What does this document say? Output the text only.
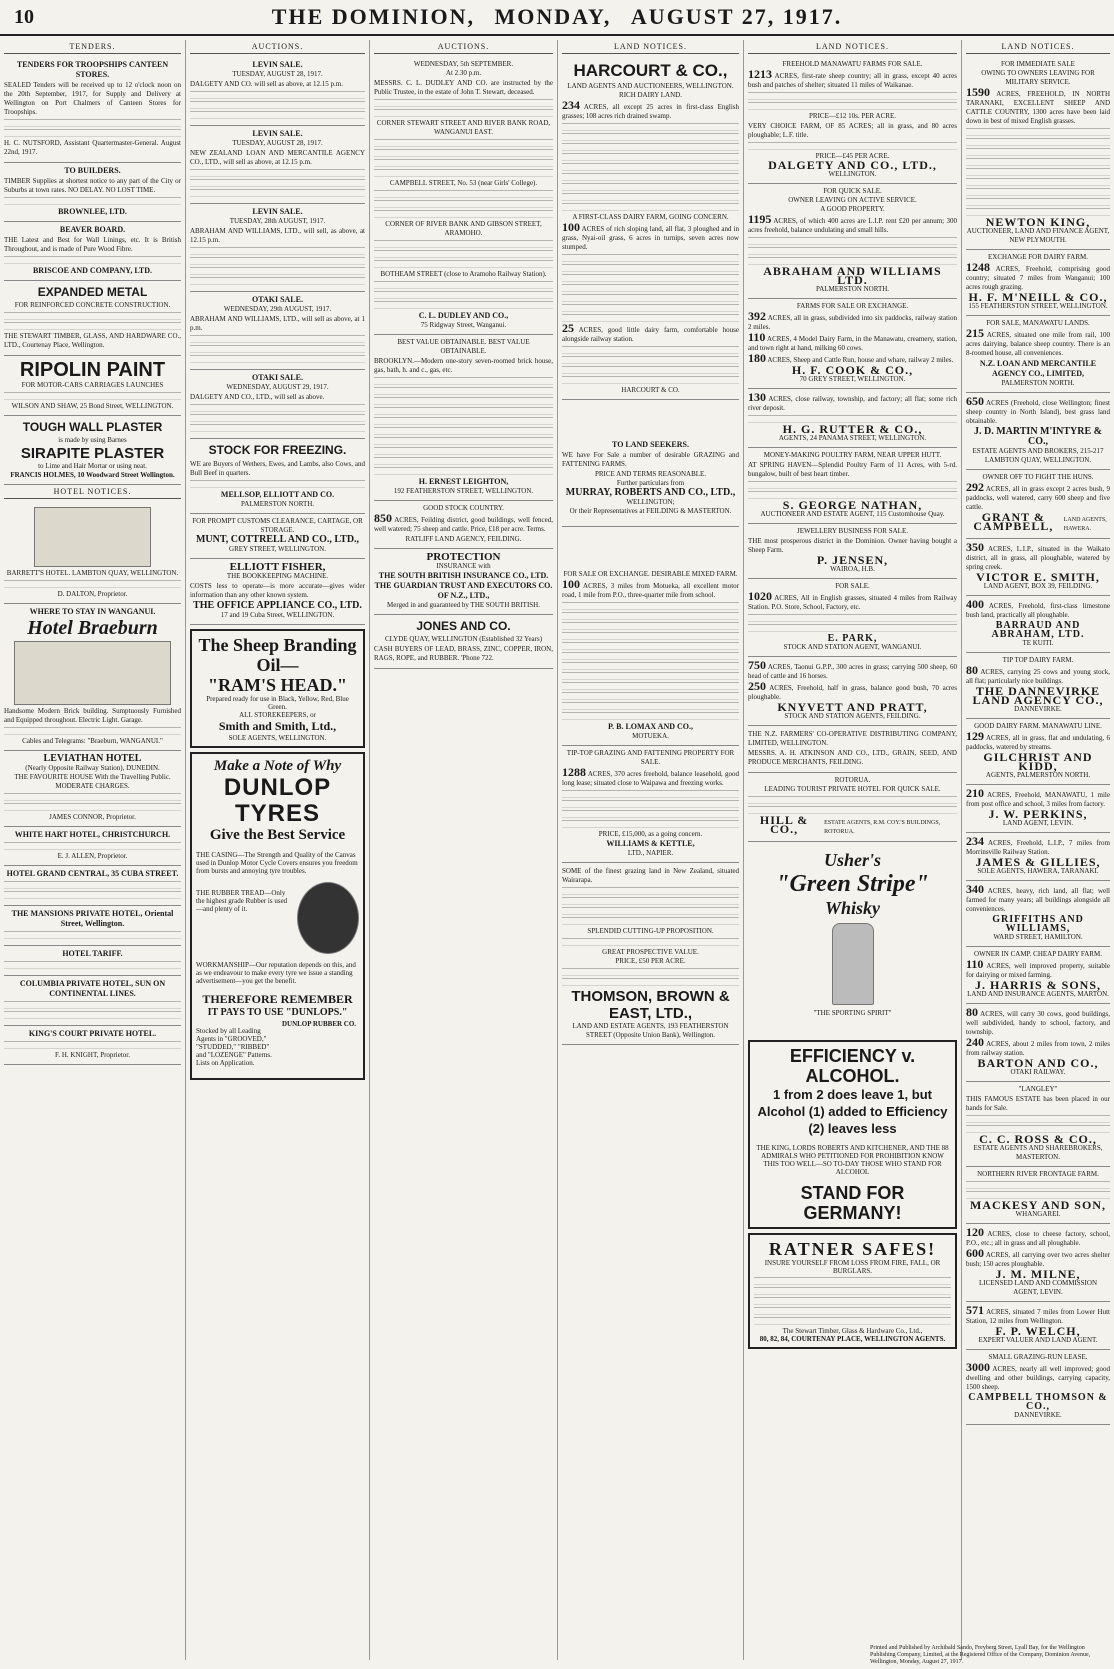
10	THE DOMINION, MONDAY, AUGUST 27, 1917.
TENDERS.
TENDERS FOR TROOPSHIPS CANTEEN STORES.

SEALED Tenders will be received up to 12 o'clock noon on the 20th September, 1917, for Supply and Delivery at Wellington on Port Chalmers of Canteen Stores for Troopships.

H. C. NUTSFORD, Assistant Quartermaster-General. August 22nd, 1917.

TO BUILDERS.

TIMBER Supplies at shortest notice to any part of the City or Suburbs at town rates. NO DELAY. NO LOST TIME.

BROWNLEE, LTD.
BEAVER BOARD.

THE Latest and Best for Wall Linings, etc. It is British Throughout, and is made of Pure Wood Fibre.

BRISCOE AND COMPANY, LTD.
EXPANDED METAL
FOR REINFORCED CONCRETE CONSTRUCTION.

THE STEWART TIMBER, GLASS, AND HARDWARE CO., LTD., Courtenay Place, Wellington.

RIPOLIN PAINT
FOR MOTOR-CARS CARRIAGES LAUNCHES
WILSON AND SHAW, 25 Bond Street, WELLINGTON.
TOUGH WALL PLASTER
is made by using Barnes
SIRAPITE PLASTER
to Lime and Hair Mortar or using neat.
FRANCIS HOLMES, 10 Woodward Street Wellington.
HOTEL NOTICES.
BARRETT'S HOTEL. LAMBTON QUAY, WELLINGTON.
D. DALTON, Proprietor.
WHERE TO STAY IN WANGANUI.
Hotel Braeburn

Handsome Modern Brick building. Sumptuously Furnished and Equipped throughout. Electric Light. Garage.

Cables and Telegrams: "Braeburn, WANGANUI."
LEVIATHAN HOTEL
(Nearly Opposite Railway Station), DUNEDIN.
THE FAVOURITE HOUSE With the Travelling Public. MODERATE CHARGES.
JAMES CONNOR, Proprietor.
WHITE HART HOTEL, CHRISTCHURCH.
E. J. ALLEN, Proprietor.
HOTEL GRAND CENTRAL, 35 CUBA STREET.
THE MANSIONS PRIVATE HOTEL, Oriental Street, Wellington.
HOTEL TARIFF.
COLUMBIA PRIVATE HOTEL, SUN ON CONTINENTAL LINES.
KING'S COURT PRIVATE HOTEL.
F. H. KNIGHT, Proprietor.
AUCTIONS.
LEVIN SALE.
TUESDAY, AUGUST 28, 1917.

DALGETY AND CO. will sell as above, at 12.15 p.m.

LEVIN SALE.
TUESDAY, AUGUST 28, 1917.

NEW ZEALAND LOAN AND MERCANTILE AGENCY CO., LTD., will sell as above, at 12.15 p.m.

LEVIN SALE.
TUESDAY, 28th AUGUST, 1917.

ABRAHAM AND WILLIAMS, LTD., will sell, as above, at 12.15 p.m.

OTAKI SALE.
WEDNESDAY, 29th AUGUST, 1917.

ABRAHAM AND WILLIAMS, LTD., will sell as above, at 1 p.m.

OTAKI SALE.
WEDNESDAY, AUGUST 29, 1917.

DALGETY AND CO., LTD., will sell as above.

STOCK FOR FREEZING.

WE are Buyers of Wethers, Ewes, and Lambs, also Cows, and Bull Beef in quarters.

MELLSOP, ELLIOTT AND CO.
PALMERSTON NORTH.
FOR PROMPT CUSTOMS CLEARANCE, CARTAGE, OR STORAGE.
MUNT, COTTRELL AND CO., LTD.,
GREY STREET, WELLINGTON.
ELLIOTT FISHER,
THE BOOKKEEPING MACHINE.

COSTS less to operate—is more accurate—gives wider information than any other known system.

THE OFFICE APPLIANCE CO., LTD.
17 and 19 Cuba Street, WELLINGTON.
The Sheep Branding Oil—
"RAM'S HEAD."
Prepared ready for use in Black, Yellow, Red, Blue Green.
ALL STOREKEEPERS, or
Smith and Smith, Ltd.,
SOLE AGENTS, WELLINGTON.
Make a Note of Why
DUNLOP TYRES
Give the Best Service

THE CASING—The Strength and Quality of the Canvas used in Dunlop Motor Cycle Covers ensures you freedom from bursts and annoying tyre troubles.

THE RUBBER TREAD—Only the highest grade Rubber is used—and plenty of it.

WORKMANSHIP—Our reputation depends on this, and as we endeavour to make every tyre we issue a standing advertisement—you get the benefit.

THEREFORE REMEMBER
IT PAYS TO USE "DUNLOPS."

Stocked by all Leading Agents in "GROOVED," "STUDDED," "RIBBED" and "LOZENGE" Patterns. Lists on Application.

DUNLOP RUBBER CO.
AUCTIONS.
WEDNESDAY, 5th SEPTEMBER.
At 2.30 p.m.

MESSRS. C. L. DUDLEY AND CO. are instructed by the Public Trustee, in the estate of John T. Stewart, deceased.

CORNER STEWART STREET AND RIVER BANK ROAD, WANGANUI EAST.
CAMPBELL STREET, No. 53 (near Girls' College).
CORNER OF RIVER BANK AND GIBSON STREET, ARAMOHO.
BOTHEAM STREET (close to Aramoho Railway Station).
C. L. DUDLEY AND CO.,
75 Ridgway Street, Wanganui.
BEST VALUE OBTAINABLE. BEST VALUE OBTAINABLE.

BROOKLYN.—Modern one-story seven-roomed brick house, gas, bath, h. and c., gas, etc.

H. ERNEST LEIGHTON,
192 FEATHERSTON STREET, WELLINGTON.
GOOD STOCK COUNTRY.

850 ACRES, Feilding district, good buildings, well fenced, well watered; 75 sheep and cattle. Price, £18 per acre. Terms.

RATLIFF LAND AGENCY, FEILDING.
PROTECTION
INSURANCE with
THE SOUTH BRITISH INSURANCE CO., LTD.
THE GUARDIAN TRUST AND EXECUTORS CO. OF N.Z., LTD.,
Merged in and guaranteed by THE SOUTH BRITISH.
JONES AND CO.
CLYDE QUAY, WELLINGTON (Established 32 Years)

CASH BUYERS OF LEAD, BRASS, ZINC, COPPER, IRON, RAGS, ROPE, and RUBBER. 'Phone 722.

LAND NOTICES.
HARCOURT & CO.,
LAND AGENTS AND AUCTIONEERS, WELLINGTON.
RICH DAIRY LAND.

234 ACRES, all except 25 acres in first-class English grasses; 108 acres rich drained swamp.

A FIRST-CLASS DAIRY FARM, GOING CONCERN.

100 ACRES of rich sloping land, all flat, 3 ploughed and in grass, Nyai-oil grass, 6 acres in turnips, seven acres now stumped.

25 ACRES, good little dairy farm, comfortable house alongside railway station.

HARCOURT & CO.
TO LAND SEEKERS.

WE have For Sale a number of desirable GRAZING and FATTENING FARMS.

PRICE AND TERMS REASONABLE.
Further particulars from
MURRAY, ROBERTS AND CO., LTD.,
WELLINGTON;
Or their Representatives at FEILDING & MASTERTON.
FOR SALE OR EXCHANGE. DESIRABLE MIXED FARM.

100 ACRES, 3 miles from Motueka, all excellent motor road, 1 mile from P.O., three-quarter mile from school.

P. B. LOMAX AND CO.,
MOTUEKA.
TIP-TOP GRAZING AND FATTENING PROPERTY FOR SALE.

1288 ACRES, 370 acres freehold, balance leasehold, good long lease; situated close to Waipawa and freezing works.

PRICE, £15,000, as a going concern.
WILLIAMS & KETTLE,
LTD., NAPIER.

SOME of the finest grazing land in New Zealand, situated Wairarapa.

SPLENDID CUTTING-UP PROPOSITION.
GREAT PROSPECTIVE VALUE.
PRICE, £50 PER ACRE.
THOMSON, BROWN & EAST, LTD.,
LAND AND ESTATE AGENTS, 193 FEATHERSTON STREET (Opposite Union Bank), Wellington.
LAND NOTICES.
FREEHOLD MANAWATU FARMS FOR SALE.

1213 ACRES, first-rate sheep country; all in grass, except 40 acres bush and patches of shelter; situated 11 miles of Waikanae.

PRICE—£12 10s. PER ACRE.

VERY CHOICE FARM, OF 85 ACRES; all in grass, and 80 acres ploughable; L.F. title.

PRICE—£45 PER ACRE.
DALGETY AND CO., LTD.,
WELLINGTON.
FOR QUICK SALE.
OWNER LEAVING ON ACTIVE SERVICE.
A GOOD PROPERTY.

1195 ACRES, of which 400 acres are L.I.P. rent £20 per annum; 300 acres freehold, balance undulating and small hills.

ABRAHAM AND WILLIAMS LTD.
PALMERSTON NORTH.
FARMS FOR SALE OR EXCHANGE.

392 ACRES, all in grass, subdivided into six paddocks, railway station 2 miles.

110 ACRES, 4 Model Dairy Farm, in the Manawatu, creamery, station, and town right at hand, milking 60 cows.

180 ACRES, Sheep and Cattle Run, house and whare, railway 2 miles.

H. F. COOK & CO.,
70 GREY STREET, WELLINGTON.

130 ACRES, close railway, township, and factory; all flat; some rich river deposit.

H. G. RUTTER & CO.,
AGENTS, 24 PANAMA STREET, WELLINGTON.
MONEY-MAKING POULTRY FARM, NEAR UPPER HUTT.

AT SPRING HAVEN—Splendid Poultry Farm of 11 Acres, with 5-rd. bungalow, built of best heart timber.

S. GEORGE NATHAN,
AUCTIONEER AND ESTATE AGENT, 115 Customhouse Quay.
JEWELLERY BUSINESS FOR SALE.

THE most prosperous district in the Dominion. Owner having bought a Sheep Farm.

P. JENSEN,
WAIROA, H.B.
FOR SALE.

1020 ACRES, All in English grasses, situated 4 miles from Railway Station. P.O. Store, School, Factory, etc.

E. PARK,
STOCK AND STATION AGENT, WANGANUI.

750 ACRES, Taonui G.P.P., 300 acres in grass; carrying 500 sheep, 60 head of cattle and 16 horses.

250 ACRES, Freehold, half in grass, balance good bush, 70 acres ploughable.

KNYVETT AND PRATT,
STOCK AND STATION AGENTS, FEILDING.

THE N.Z. FARMERS' CO-OPERATIVE DISTRIBUTING COMPANY, LIMITED, WELLINGTON.

MESSRS. A. H. ATKINSON AND CO., LTD., GRAIN, SEED, AND PRODUCE MERCHANTS, FEILDING.

ROTORUA.
LEADING TOURIST PRIVATE HOTEL FOR QUICK SALE.
HILL & CO.,	ESTATE AGENTS, R.M. COY.'S BUILDINGS, ROTORUA.
Usher's
"Green Stripe"
Whisky
"THE SPORTING SPIRIT"
EFFICIENCY v. ALCOHOL.
1 from 2 does leave 1, but Alcohol (1) added to Efficiency (2) leaves less

THE KING, LORDS ROBERTS AND KITCHENER, AND THE 88 ADMIRALS WHO PETITIONED FOR PROHIBITION KNOW THIS TOO WELL—SO TO-DAY THOSE WHO STAND FOR ALCOHOL

STAND FOR GERMANY!
RATNER SAFES!
INSURE YOURSELF FROM LOSS FROM FIRE, FALL, OR BURGLARS.
The Stewart Timber, Glass & Hardware Co., Ltd.,
80, 82, 84, COURTENAY PLACE, WELLINGTON AGENTS.
LAND NOTICES.
FOR IMMEDIATE SALE
OWING TO OWNERS LEAVING FOR MILITARY SERVICE.

1590 ACRES, FREEHOLD, IN NORTH TARANAKI, EXCELLENT SHEEP AND CATTLE COUNTRY, 1300 acres have been laid down in best of mixed English grasses.

NEWTON KING,
AUCTIONEER, LAND AND FINANCE AGENT, NEW PLYMOUTH.
EXCHANGE FOR DAIRY FARM.

1248 ACRES, Freehold, comprising good country; situated 7 miles from Wanganui; 100 acres rough grazing.

H. F. M'NEILL & CO.,
155 FEATHERSTON STREET, WELLINGTON.
FOR SALE, MANAWATU LANDS.

215 ACRES, situated one mile from rail, 100 acres dairying, balance sheep country. There is an 8-roomed house, all conveniences.

N.Z. LOAN AND MERCANTILE AGENCY CO., LIMITED,
PALMERSTON NORTH.

650 ACRES (Freehold, close Wellington; finest sheep country in North Island), best grass land obtainable.

J. D. MARTIN M'INTYRE & CO.,
ESTATE AGENTS AND BROKERS, 215-217 LAMBTON QUAY, WELLINGTON.
OWNER OFF TO FIGHT THE HUNS.

292 ACRES, all in grass except 2 acres bush, 9 paddocks, well watered, carry 600 sheep and five cattle.

GRANT & CAMPBELL,	LAND AGENTS, HAWERA.

350 ACRES, L.I.P., situated in the Waikato district, all in grass, all ploughable, watered by spring creek.

VICTOR E. SMITH,
LAND AGENT, BOX 39, FEILDING.

400 ACRES, Freehold, first-class limestone bush land, practically all ploughable.

BARRAUD AND ABRAHAM, LTD.
TE KUITI.
TIP TOP DAIRY FARM.

80 ACRES, carrying 25 cows and young stock, all flat; particularly nice buildings.

THE DANNEVIRKE LAND AGENCY CO.,
DANNEVIRKE.
GOOD DAIRY FARM. MANAWATU LINE.

129 ACRES, all in grass, flat and undulating, 6 paddocks, watered by streams.

GILCHRIST AND KIDD,
AGENTS, PALMERSTON NORTH.

210 ACRES, Freehold, MANAWATU, 1 mile from post office and school, 3 miles from factory.

J. W. PERKINS,
LAND AGENT, LEVIN.

234 ACRES, Freehold, L.I.P., 7 miles from Morrinsville Railway Station.

JAMES & GILLIES,
SOLE AGENTS, HAWERA, TARANAKI.

340 ACRES, heavy, rich land, all flat; well farmed for many years; all buildings alongside all conveniences.

GRIFFITHS AND WILLIAMS,
WARD STREET, HAMILTON.
OWNER IN CAMP. CHEAP DAIRY FARM.

110 ACRES, well improved property, suitable for dairying or mixed farming.

J. HARRIS & SONS,
LAND AND INSURANCE AGENTS, MARTON.

80 ACRES, will carry 30 cows, good buildings, well subdivided, handy to school, factory, and township.

240 ACRES, about 2 miles from town, 2 miles from railway station.

BARTON AND CO.,
OTAKI RAILWAY.
"LANGLEY"

THIS FAMOUS ESTATE has been placed in our hands for Sale.

C. C. ROSS & CO.,
ESTATE AGENTS AND SHAREBROKERS, MASTERTON.
NORTHERN RIVER FRONTAGE FARM.
MACKESY AND SON,
WHANGAREI.

120 ACRES, close to cheese factory, school, P.O., etc.; all in grass and all ploughable.

600 ACRES, all carrying over two acres shelter bush; 150 acres ploughable.

J. M. MILNE,
LICENSED LAND AND COMMISSION AGENT, LEVIN.

571 ACRES, situated 7 miles from Lower Hutt Station, 12 miles from Wellington.

F. P. WELCH,
EXPERT VALUER AND LAND AGENT.
SMALL GRAZING-RUN LEASE.

3000 ACRES, nearly all well improved; good dwelling and other buildings, carrying capacity, 1500 sheep.

CAMPBELL THOMSON & CO.,
DANNEVIRKE.
Printed and Published by Archibald Sando, Freyberg Street, Lyall Bay, for the Wellington Publishing Company, Limited, at the Registered Office of the Company, Dominion Avenue, Wellington, Monday, August 27, 1917.
